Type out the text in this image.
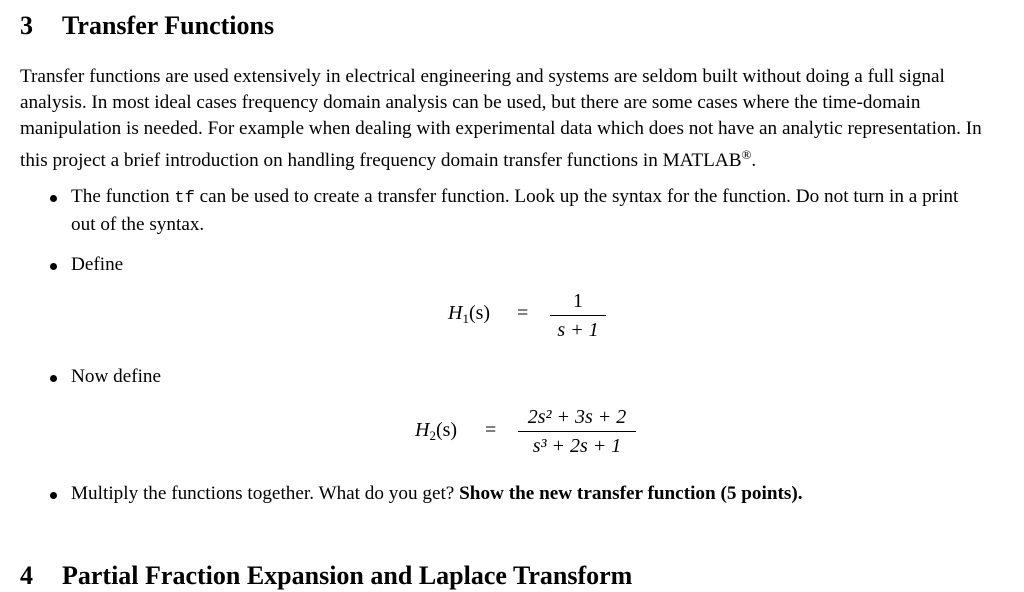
3 Transfer Functions

Transfer functions are used extensively in electrical engineering and systems are seldom built without doing a full signal analysis. In most ideal cases frequency domain analysis can be used, but there are some cases where the time-domain manipulation is needed. For example when dealing with experimental data which does not have an analytic representation. In this project a brief introduction on handling frequency domain transfer functions in MATLAB®.

The function tf can be used to create a transfer function. Look up the syntax for the function. Do not turn in a print out of the syntax.
Define
$H_1(s)$ =
1
s + 1
Now define
$H_2(s)$ =
2s² + 3s + 2
s³ + 2s + 1
Multiply the functions together. What do you get? Show the new transfer function (5 points).
4 Partial Fraction Expansion and Laplace Transform
